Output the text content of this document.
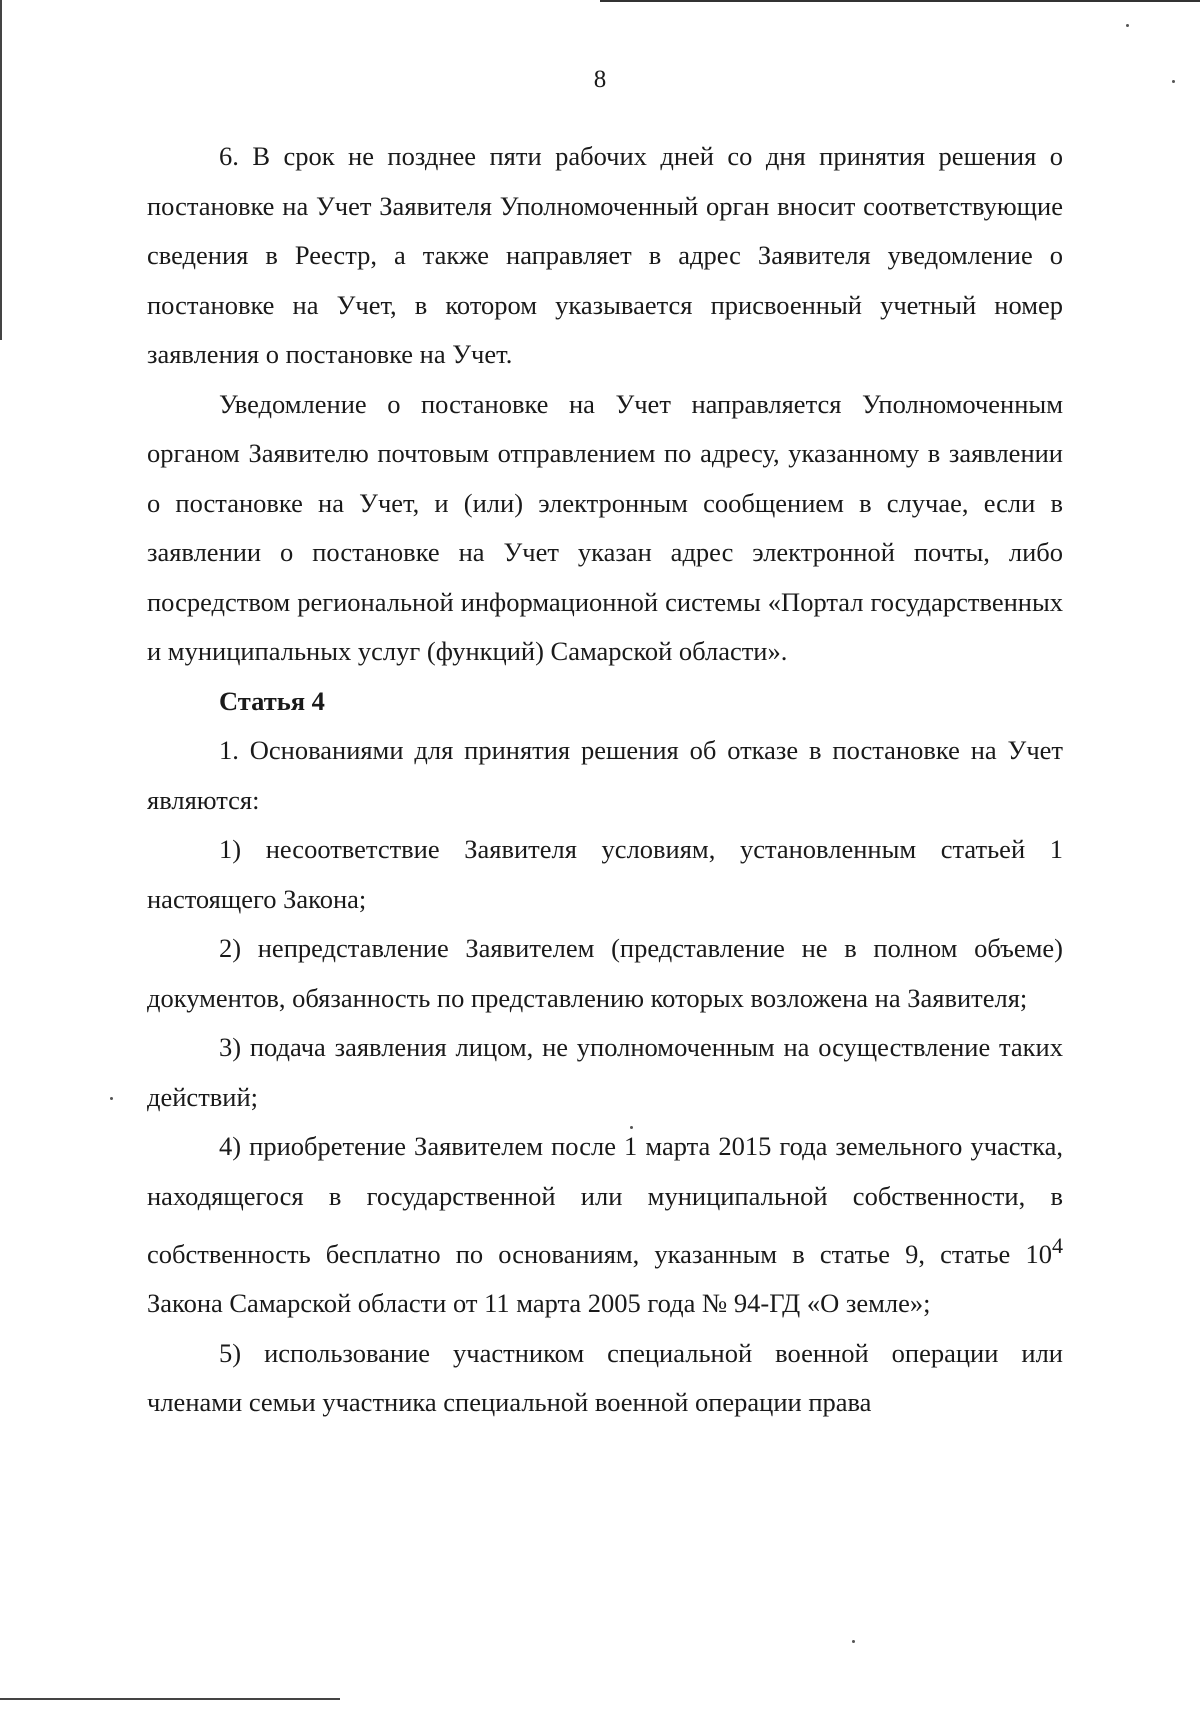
8

6. В срок не позднее пяти рабочих дней со дня принятия решения о постановке на Учет Заявителя Уполномоченный орган вносит соответствующие сведения в Реестр, а также направляет в адрес Заявителя уведомление о постановке на Учет, в котором указывается присвоенный учетный номер заявления о постановке на Учет.

Уведомление о постановке на Учет направляется Уполномоченным органом Заявителю почтовым отправлением по адресу, указанному в заявлении о постановке на Учет, и (или) электронным сообщением в случае, если в заявлении о постановке на Учет указан адрес электронной почты, либо посредством региональной информационной системы «Портал государственных и муниципальных услуг (функций) Самарской области».

Статья 4

1. Основаниями для принятия решения об отказе в постановке на Учет являются:

1) несоответствие Заявителя условиям, установленным статьей 1 настоящего Закона;

2) непредставление Заявителем (представление не в полном объеме) документов, обязанность по представлению которых возложена на Заявителя;

3) подача заявления лицом, не уполномоченным на осуществление таких действий;

4) приобретение Заявителем после 1 марта 2015 года земельного участка, находящегося в государственной или муниципальной собственности, в собственность бесплатно по основаниям, указанным в статье 9, статье $10^4$ Закона Самарской области от 11 марта 2005 года № 94-ГД «О земле»;

5) использование участником специальной военной операции или членами семьи участника специальной военной операции права
